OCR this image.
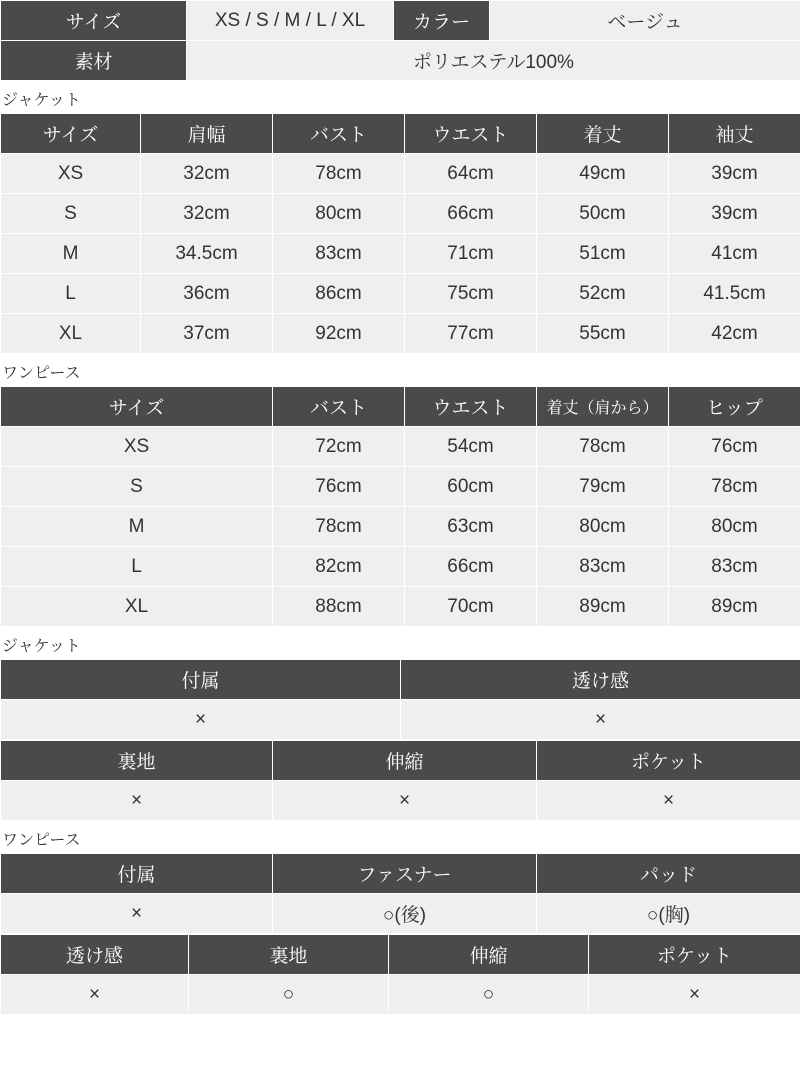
サイズ	XS / S / M / L / XL	カラー	ベージュ
素材	ポリエステル100%		
ジャケット
サイズ	肩幅	バスト	ウエスト	着丈	袖丈
XS	32cm	78cm	64cm	49cm	39cm
S	32cm	80cm	66cm	50cm	39cm
M	34.5cm	83cm	71cm	51cm	41cm
L	36cm	86cm	75cm	52cm	41.5cm
XL	37cm	92cm	77cm	55cm	42cm
ワンピース
サイズ	バスト	ウエスト	着丈（肩から）	ヒップ
XS	72cm	54cm	78cm	76cm
S	76cm	60cm	79cm	78cm
M	78cm	63cm	80cm	80cm
L	82cm	66cm	83cm	83cm
XL	88cm	70cm	89cm	89cm
ジャケット
付属	透け感
×	×
裏地	伸縮	ポケット
×	×	×
ワンピース
付属	ファスナー	パッド
×	○(後)	○(胸)
透け感	裏地	伸縮	ポケット
×	○	○	×
